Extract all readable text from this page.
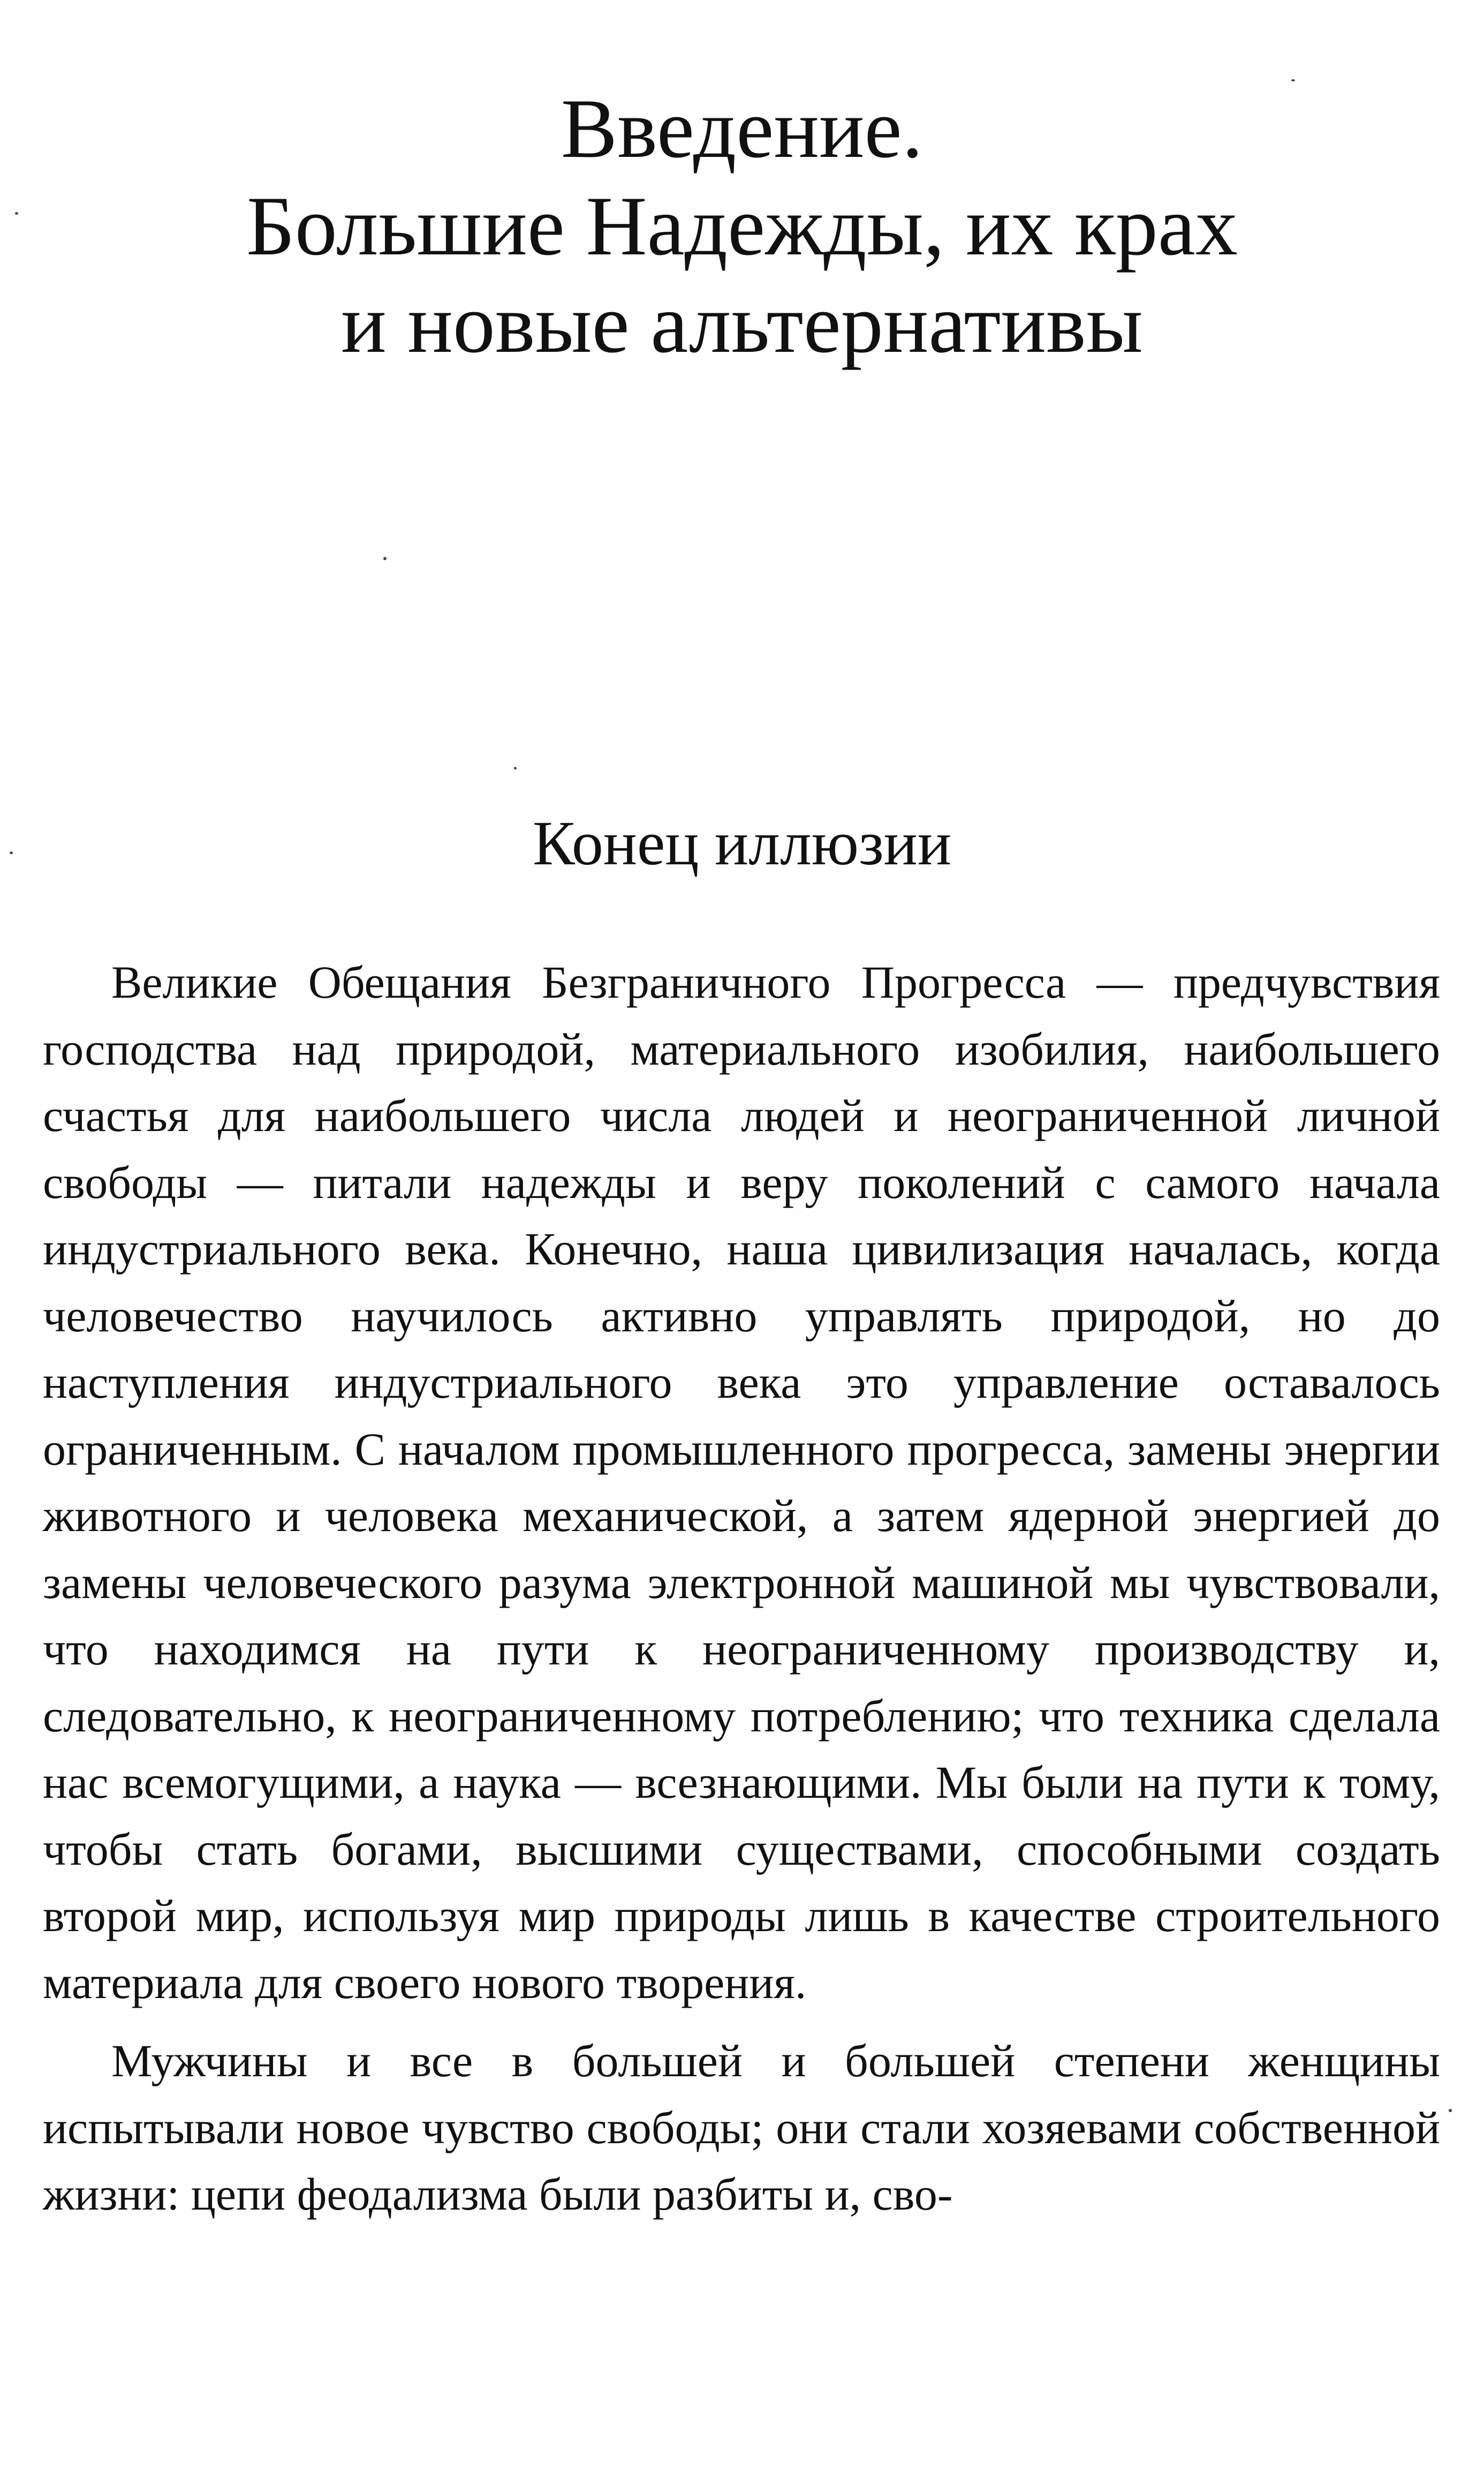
Введение.
Большие Надежды, их крах
и новые альтернативы
Конец иллюзии

Великие Обещания Безграничного Прогресса — предчувствия господства над природой, материального изобилия, наибольшего счастья для наибольшего числа людей и неограниченной личной свободы — питали надежды и веру поколений с самого начала индустриального века. Конечно, наша цивилизация началась, когда человечество научилось активно управлять природой, но до наступления индустриального века это управление оставалось ограниченным. С началом промышленного прогресса, замены энергии животного и человека механической, а затем ядерной энергией до замены человеческого разума электронной машиной мы чувствовали, что находимся на пути к неограниченному производству и, следовательно, к неограниченному потреблению; что техника сделала нас всемогущими, а наука — всезнающими. Мы были на пути к тому, чтобы стать богами, высшими существами, способными создать второй мир, используя мир природы лишь в качестве строительного материала для своего нового творения.

Мужчины и все в большей и большей степени женщины испытывали новое чувство свободы; они стали хозяевами собственной жизни: цепи феодализма были разбиты и, сво-
